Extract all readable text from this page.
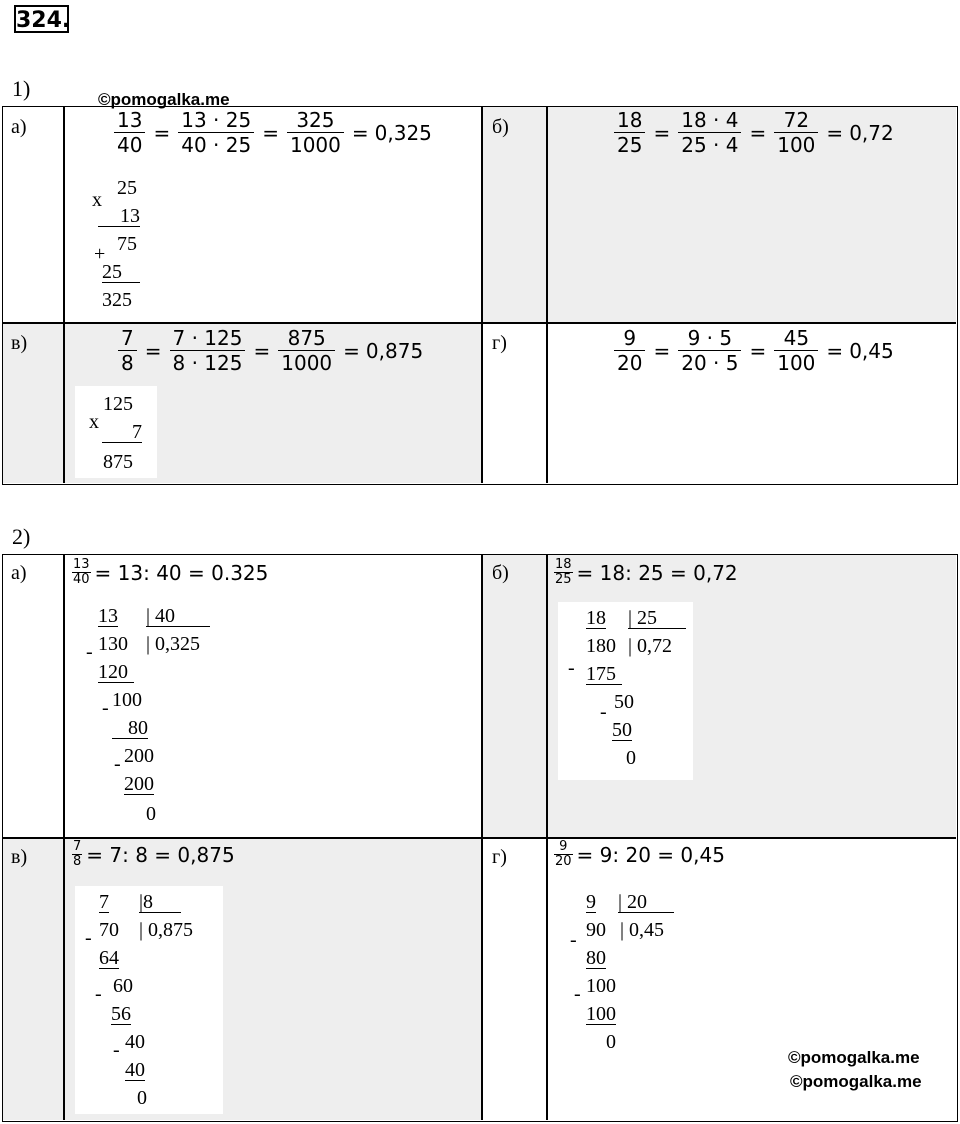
324.
1)	©pomogalka.me
а)	$\frac{13}{40} = \frac{13 \cdot 25}{40 \cdot 25} = \frac{325}{1000} = 0,325$
x
25
13
+ 75
25
325
б)	$\frac{18}{25} = \frac{18 \cdot 4}{25 \cdot 4} = \frac{72}{100} = 0,72$
в)	$\frac{7}{8} = \frac{7 \cdot 125}{8 \cdot 125} = \frac{875}{1000} = 0,875$
x
125
7
875
г)	$\frac{9}{20} = \frac{9 \cdot 5}{20 \cdot 5} = \frac{45}{100} = 0,45$
2)
а)	$\frac{13}{40} = 13$: 40 = 0.325
13 | 40
- 130 | 0,325
120
- 100
80
- 200
200
0
б)	$\frac{18}{25} = 18$: 25 = 0,72
18 | 25
-
180 | 0,72
175
- 50
50
0
в)	$\frac{7}{8} = 7$: 8 = 0,875
7 |8
- 70 | 0,875
64
- 60
56
- 40
40
0
г)	$\frac{9}{20} = 9$: 20 = 0,45
9 | 20
- 90 | 0,45
80
- 100
100
0
©pomogalka.me
©pomogalka.me
